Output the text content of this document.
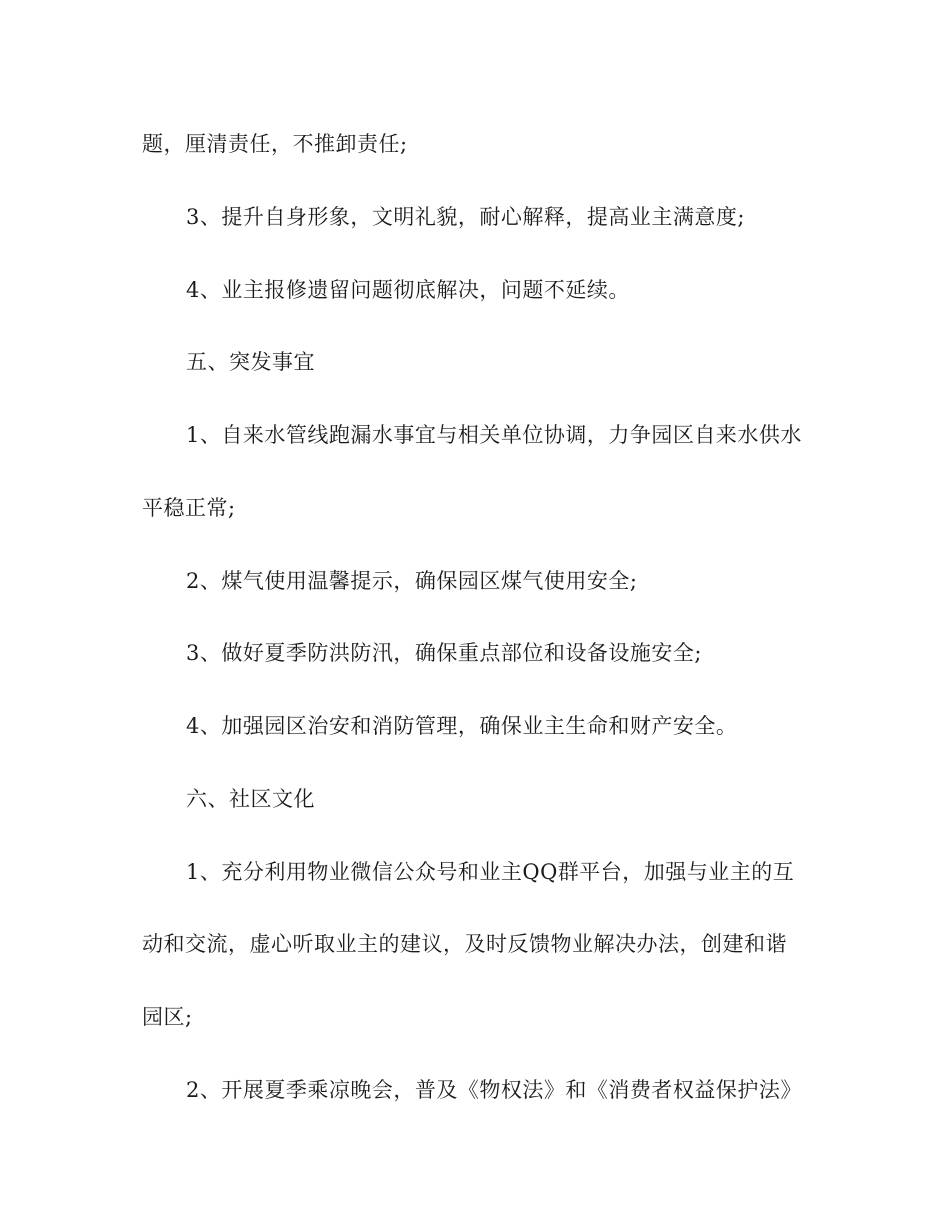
题，厘清责任，不推卸责任;
3、提升自身形象，文明礼貌，耐心解释，提高业主满意度;
4、业主报修遗留问题彻底解决，问题不延续。
五、突发事宜
1、自来水管线跑漏水事宜与相关单位协调，力争园区自来水供水
平稳正常;
2、煤气使用温馨提示，确保园区煤气使用安全;
3、做好夏季防洪防汛，确保重点部位和设备设施安全;
4、加强园区治安和消防管理，确保业主生命和财产安全。
六、社区文化
1、充分利用物业微信公众号和业主QQ群平台，加强与业主的互
动和交流，虚心听取业主的建议，及时反馈物业解决办法，创建和谐
园区;
2、开展夏季乘凉晚会，普及《物权法》和《消费者权益保护法》
